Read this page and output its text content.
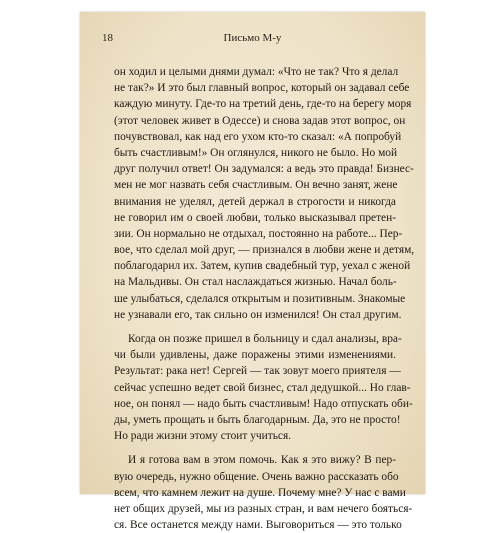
18	Письмо М-у
он ходил и целыми днями думал: «Что не так? Что я делал
не так?» И это был главный вопрос, который он задавал себе
каждую минуту. Где-то на третий день, где-то на берегу моря
(этот человек живет в Одессе) и снова задав этот вопрос, он
почувствовал, как над его ухом кто-то сказал: «А попробуй
быть счастливым!» Он оглянулся, никого не было. Но мой
друг получил ответ! Он задумался: а ведь это правда! Бизнес-
мен не мог назвать себя счастливым. Он вечно занят, жене
внимания не уделял, детей держал в строгости и никогда
не говорил им о своей любви, только высказывал претен-
зии. Он нормально не отдыхал, постоянно на работе... Пер-
вое, что сделал мой друг, — признался в любви жене и детям,
поблагодарил их. Затем, купив свадебный тур, уехал с женой
на Мальдивы. Он стал наслаждаться жизнью. Начал боль-
ше улыбаться, сделался открытым и позитивным. Знакомые
не узнавали его, так сильно он изменился! Он стал другим.
Когда он позже пришел в больницу и сдал анализы, вра-
чи были удивлены, даже поражены этими изменениями.
Результат: рака нет! Сергей — так зовут моего приятеля —
сейчас успешно ведет свой бизнес, стал дедушкой... Но глав-
ное, он понял — надо быть счастливым! Надо отпускать оби-
ды, уметь прощать и быть благодарным. Да, это не просто!
Но ради жизни этому стоит учиться.
И я готова вам в этом помочь. Как я это вижу? В пер-
вую очередь, нужно общение. Очень важно рассказать обо
всем, что камнем лежит на душе. Почему мне? У нас с вами
нет общих друзей, мы из разных стран, и вам нечего бояться-
ся. Все останется между нами. Выговориться — это только
